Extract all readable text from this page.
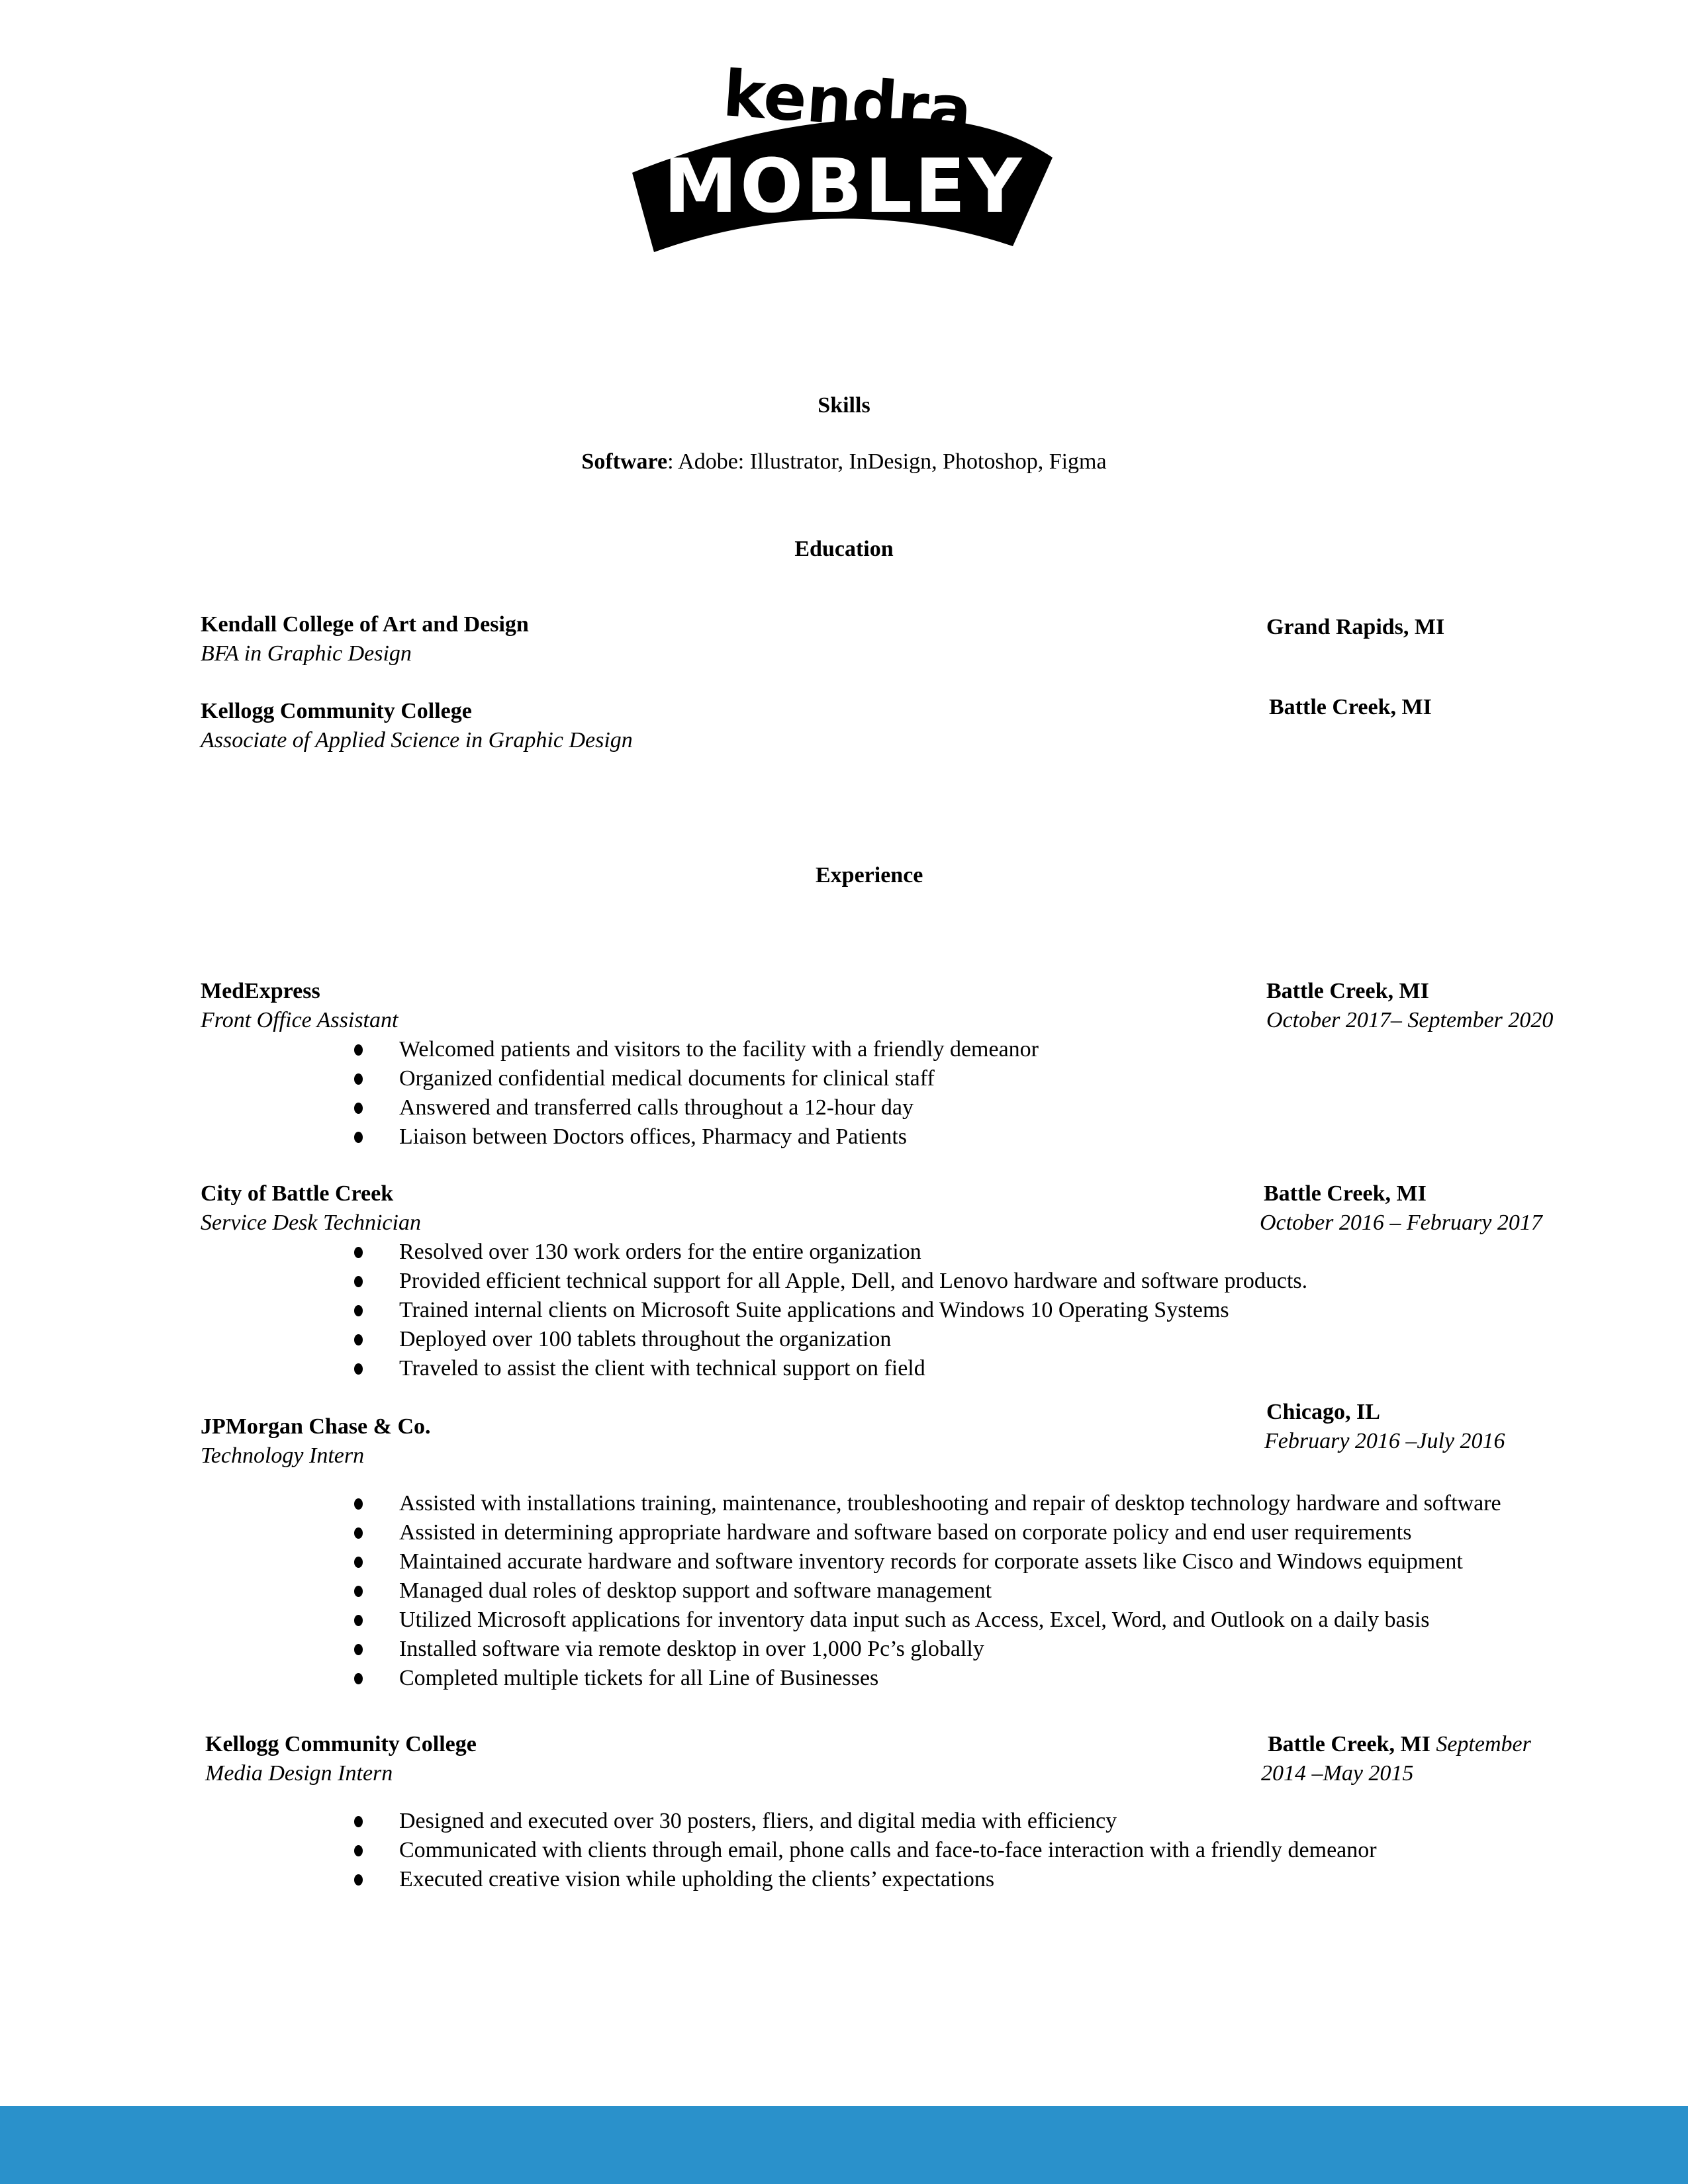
kendra
MOBLEY
Skills
Software: Adobe: Illustrator, InDesign, Photoshop, Figma
Education
Kendall College of Art and Design
BFA in Graphic Design
Grand Rapids, MI
Kellogg Community College
Associate of Applied Science in Graphic Design
Battle Creek, MI
Experience
MedExpress
Front Office Assistant
Battle Creek, MI
October 2017– September 2020
Welcomed patients and visitors to the facility with a friendly demeanor
Organized confidential medical documents for clinical staff
Answered and transferred calls throughout a 12-hour day
Liaison between Doctors offices, Pharmacy and Patients
City of Battle Creek
Service Desk Technician
Battle Creek, MI
October 2016 – February 2017
Resolved over 130 work orders for the entire organization
Provided efficient technical support for all Apple, Dell, and Lenovo hardware and software products.
Trained internal clients on Microsoft Suite applications and Windows 10 Operating Systems
Deployed over 100 tablets throughout the organization
Traveled to assist the client with technical support on field
JPMorgan Chase & Co.
Technology Intern
Chicago, IL
February 2016 –July 2016
Assisted with installations training, maintenance, troubleshooting and repair of desktop technology hardware and software
Assisted in determining appropriate hardware and software based on corporate policy and end user requirements
Maintained accurate hardware and software inventory records for corporate assets like Cisco and Windows equipment
Managed dual roles of desktop support and software management
Utilized Microsoft applications for inventory data input such as Access, Excel, Word, and Outlook on a daily basis
Installed software via remote desktop in over 1,000 Pc’s globally
Completed multiple tickets for all Line of Businesses
Kellogg Community College
Media Design Intern
Battle Creek, MI September
2014 –May 2015
Designed and executed over 30 posters, fliers, and digital media with efficiency
Communicated with clients through email, phone calls and face-to-face interaction with a friendly demeanor
Executed creative vision while upholding the clients’ expectations
